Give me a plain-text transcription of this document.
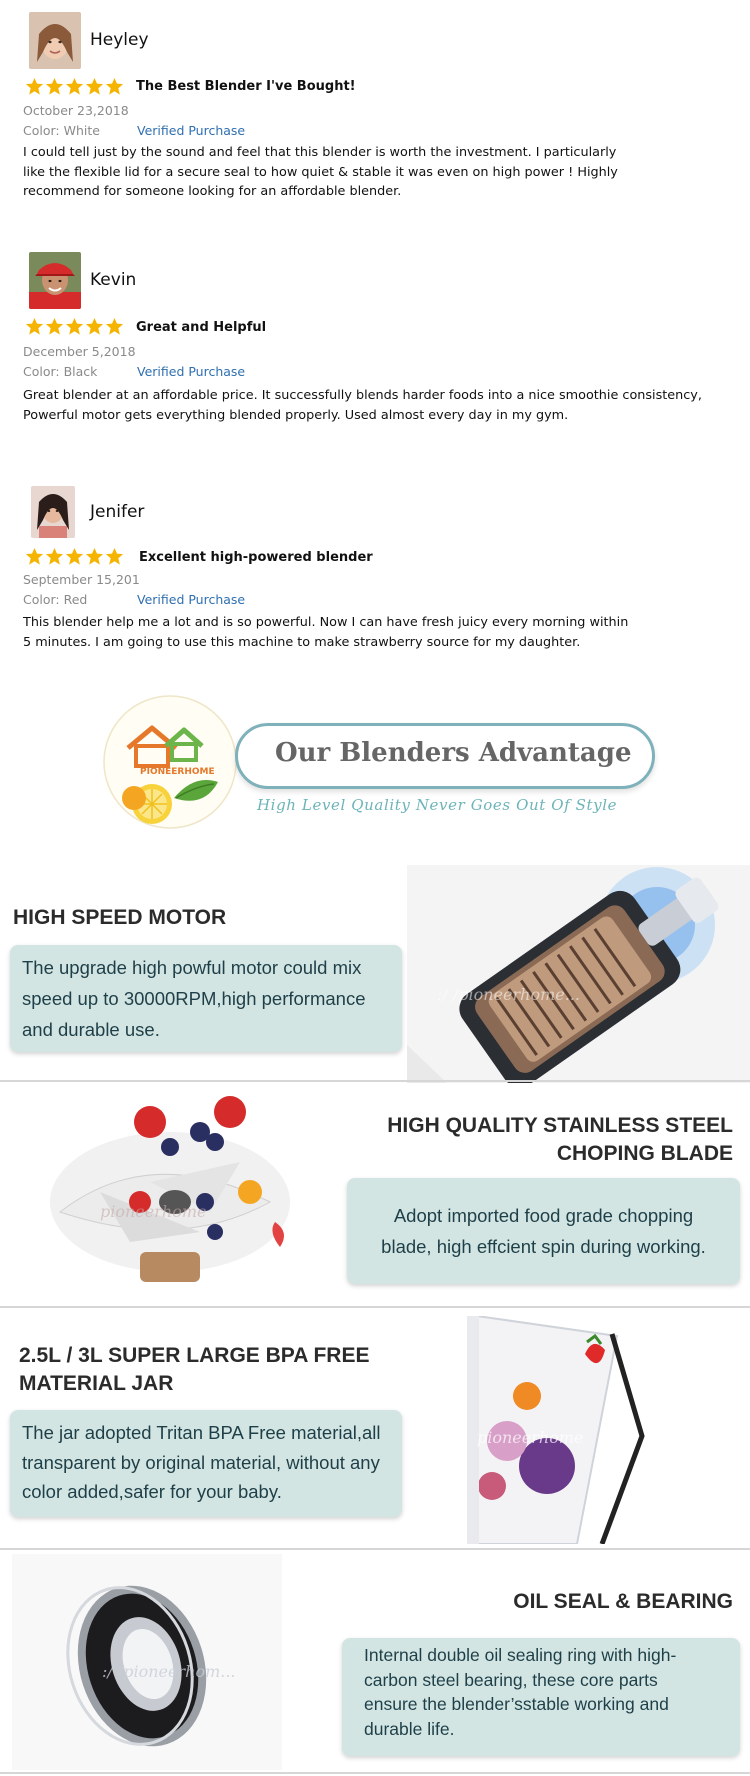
Heyley
The Best Blender I've Bought!
October 23,2018
Color: White	Verified Purchase
I could tell just by the sound and feel that this blender is worth the investment. I particularly
like the flexible lid for a secure seal to how quiet & stable it was even on high power ! Highly
recommend for someone looking for an affordable blender.
Kevin
Great and Helpful
December 5,2018
Color: Black	Verified Purchase
Great blender at an affordable price. It successfully blends harder foods into a nice smoothie consistency,
Powerful motor gets everything blended properly. Used almost every day in my gym.
Jenifer
Excellent high-powered blender
September 15,201
Color: Red	Verified Purchase
This blender help me a lot and is so powerful. Now I can have fresh juicy every morning within
5 minutes. I am going to use this machine to make strawberry source for my daughter.
PIONEERHOME
Our Blenders Advantage
High Level Quality Never Goes Out Of Style
HIGH SPEED MOTOR
The upgrade high powful motor could mix
speed up to 30000RPM,high performance
and durable use.
:/ /pioneerhome...
pioneerhome
HIGH QUALITY STAINLESS STEEL
CHOPING BLADE
Adopt imported food grade chopping
blade, high effcient spin during working.
2.5L / 3L SUPER LARGE BPA FREE
MATERIAL JAR
The jar adopted Tritan BPA Free material,all
transparent by original material, without any
color added,safer for your baby.
pioneerhome
:/ /pioneerhom...
OIL SEAL & BEARING
Internal double oil sealing ring with high-
carbon steel bearing, these core parts
ensure the blender’sstable working and
durable life.
